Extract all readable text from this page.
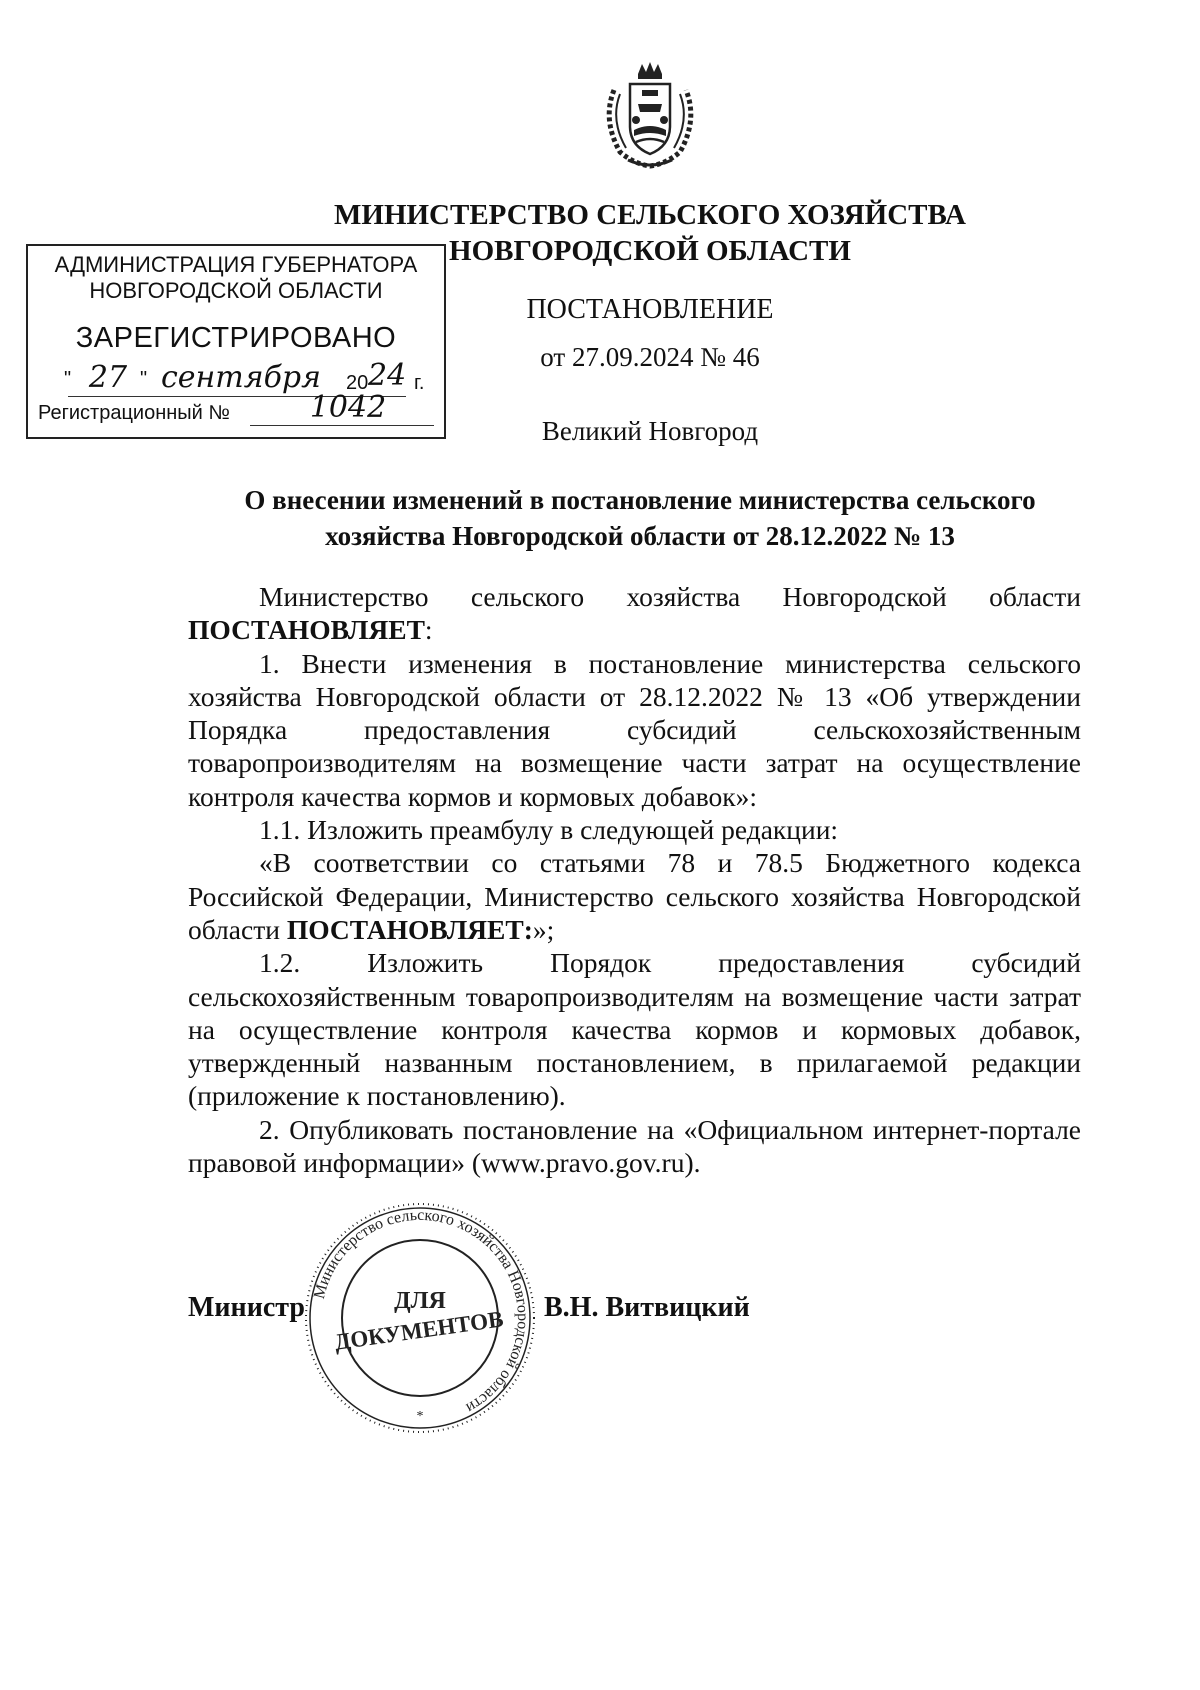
МИНИСТЕРСТВО СЕЛЬСКОГО ХОЗЯЙСТВА
НОВГОРОДСКОЙ ОБЛАСТИ
АДМИНИСТРАЦИЯ ГУБЕРНАТОРА
НОВГОРОДСКОЙ ОБЛАСТИ
ЗАРЕГИСТРИРОВАНО
" 27 " сентября 20 24 г.
Регистрационный №	1042
ПОСТАНОВЛЕНИЕ
от 27.09.2024 № 46
Великий Новгород
О внесении изменений в постановление министерства сельского
хозяйства Новгородской области от 28.12.2022 № 13

Министерство сельского хозяйства Новгородской области

ПОСТАНОВЛЯЕТ:

1. Внести изменения в постановление министерства сельского хозяйства Новгородской области от 28.12.2022 № 13 «Об утверждении Порядка предоставления субсидий сельскохозяйственным товаропроизводителям на возмещение части затрат на осуществление контроля качества кормов и кормовых добавок»:

1.1. Изложить преамбулу в следующей редакции:

«В соответствии со статьями 78 и 78.5 Бюджетного кодекса Российской Федерации, Министерство сельского хозяйства Новгородской области ПОСТАНОВЛЯЕТ:»;

1.2. Изложить Порядок предоставления субсидий

сельскохозяйственным товаропроизводителям на возмещение части затрат на осуществление контроля качества кормов и кормовых добавок, утвержденный названным постановлением, в прилагаемой редакции (приложение к постановлению).

2. Опубликовать постановление на «Официальном интернет-портале правовой информации» (www.pravo.gov.ru).

Министр
Министерство сельского хозяйства Новгородской области
ДЛЯ
ДОКУМЕНТОВ
*
В.Н. Витвицкий
